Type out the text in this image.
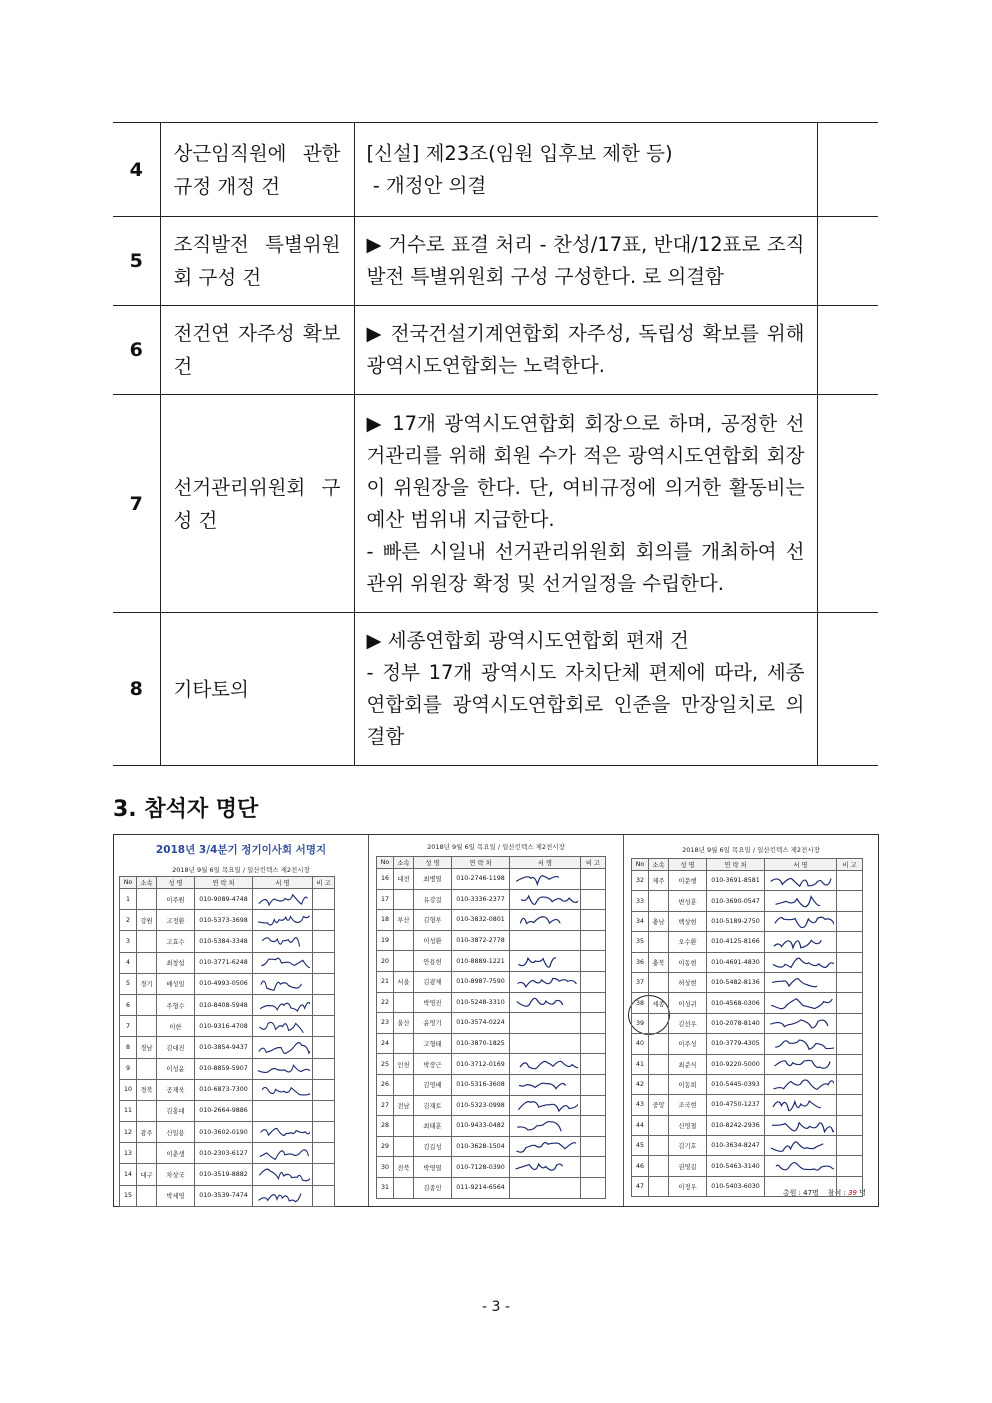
4	상근임직원에 관한 규정 개정 건	[신설] 제23조(임원 입후보 제한 등)

- 개정안 의결	

5	조직발전 특별위원회 구성 건	▶ 거수로 표결 처리 - 찬성/17표, 반대/12표로 조직발전 특별위원회 구성 구성한다. 로 의결함	

6	전건연 자주성 확보 건	▶ 전국건설기계연합회 자주성, 독립성 확보를 위해 광역시도연합회는 노력한다.	

7	선거관리위원회 구성 건	▶ 17개 광역시도연합회 회장으로 하며, 공정한 선거관리를 위해 회원 수가 적은 광역시도연합회 회장이 위원장을 한다. 단, 여비규정에 의거한 활동비는 예산 범위내 지급한다.

- 빠른 시일내 선거관리위원회 회의를 개최하여 선관위 위원장 확정 및 선거일정을 수립한다.	

8	기타토의	▶ 세종연합회 광역시도연합회 편재 건

- 정부 17개 광역시도 자치단체 편제에 따라, 세종연합회를 광역시도연합회로 인준을 만장일치로 의결함	

3. 참석자 명단
2018년 3/4분기 정기이사회 서명지
2018년 9월 6일 목요일 / 일산킨텍스 제2전시장
No	소속	성 명	연 락 처	서 명	비 고
1		이주원	010-9089-4748	

2	강원	고정환	010-5373-3698	

3		고효수	010-5384-3348	

4		최창섭	010-3771-6248	

5	경기	배성일	010-4993-0506	

6		주형수	010-8408-5948	

7		이한	010-9316-4708	

8	경남	김대진	010-3854-9437	

9		이성윤	010-8859-5907	

10	경북	공재욱	010-6873-7300	

11		김홍대	010-2664-9886		
12	광주	신일용	010-3602-0190	

13		이춘생	010-2303-6127	

14	대구	차상국	010-3519-8882	

15		박세영	010-3539-7474	

2018년 9월 6일 목요일 / 일산킨텍스 제2전시장
No	소속	성 명	연 락 처	서 명	비 고
16	대전	최병열	010-2746-1198	

17		유강걸	010-3336-2377	

18	부산	김형부	010-3832-0801	

19		이성환	010-3872-2778		
20		안용헌	010-8889-1221	

21	서울	김광제	010-8987-7590	

22		박영진	010-5248-3310	

23	울산	윤영기	010-3574-0224		
24		고형태	010-3870-1825		
25	인천	박장근	010-3712-0169	

26		김영배	010-5316-3608	

27	전남	김재토	010-5323-0998	

28		최태훈	010-9433-0482	

29		김길성	010-3628-1504	

30	전북	박영열	010-7128-0390	

31		김종인	011-9214-6564		
2018년 9월 6일 목요일 / 일산킨텍스 제2전시장
총원 : 47명 참석 : 39 명
No	소속	성 명	연 락 처	서 명	비 고
32	제주	이문행	010-3691-8581	

33		변성훈	010-3690-0547	

34	충남	백상현	010-5189-2750	

35		오수환	010-4125-8166	

36	충북	이동현	010-4691-4830	

37		허상현	010-5482-8136	

38	세종	이성귀	010-4568-0306	

39		김선우	010-2078-8140	

40		이주성	010-3779-4305	

41		최준식	010-9220-5000	

42		이동희	010-5445-0393	

43	중앙	조국현	010-4750-1237	

44		신영철	010-8242-2936	

45		김기호	010-3634-8247	

46		권영길	010-5463-3140	

47		이정우	010-5403-6030		
- 3 -
